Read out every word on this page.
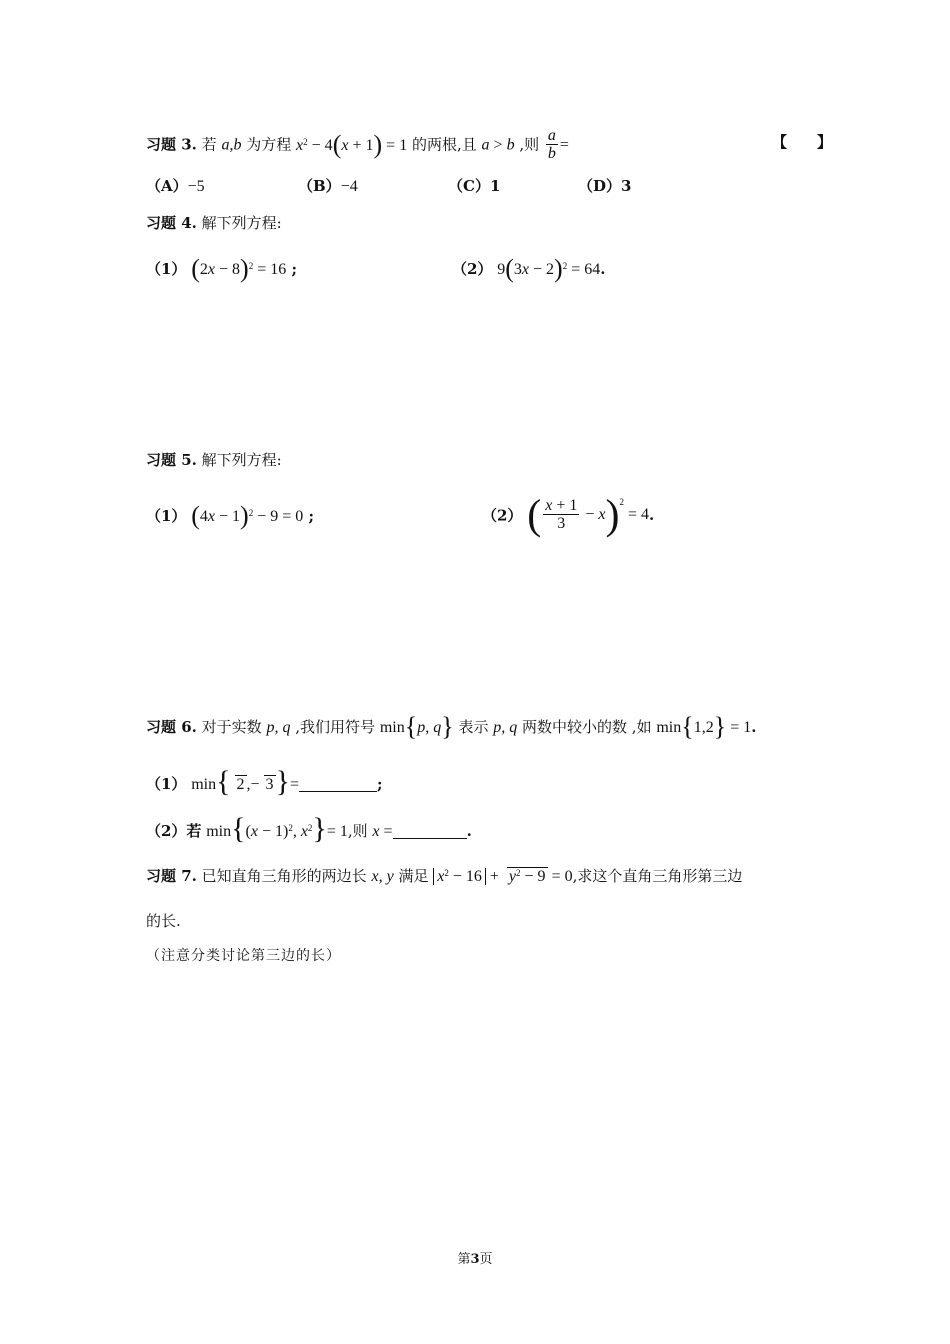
习题 3. 若 a,b 为方程 $x^2 - 4(x + 1) = 1$ 的两根,且 a > b ,则 $\frac{a}{b}$ =	【　　】
（A）−5	（B）−4	（C）1	（D）3
习题 4. 解下列方程:
（1） $(2x - 8)^2 = 16$ ;	（2） $9(3x - 2)^2 = 64$.
习题 5. 解下列方程:
（1） $(4x - 1)^2 - 9 = 0$ ;	（2） ( $\frac{x + 1}{3} - x)^2 = 4$.
习题 6. 对于实数 p, q ,我们用符号 min{p, q} 表示 p, q 两数中较小的数 ,如 min{1,2} = 1.
（1） min{ 2 ,− 3}=	;
（2）若 $\min\{(x - 1)^2$, $x^2\}= 1$,则 x =	.
习题 7. 已知直角三角形的两边长 x, y 满足 $x^2 - 16 + y^2 - 9 = 0$,求这个直角三角形第三边
的长.
（注意分类讨论第三边的长）
第3页
